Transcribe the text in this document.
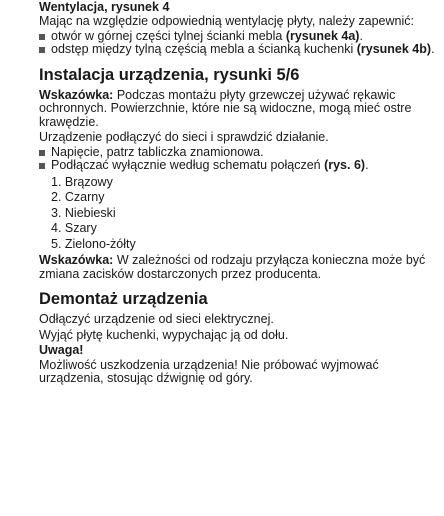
Wentylacja, rysunek 4

Mając na względzie odpowiednią wentylację płyty, należy zapewnić:

otwór w górnej części tylnej ścianki mebla (rysunek 4a).
odstęp między tylną częścią mebla a ścianką kuchenki (rysunek 4b).
Instalacja urządzenia, rysunki 5/6

Wskazówka: Podczas montażu płyty grzewczej używać rękawic ochronnych. Powierzchnie, które nie są widoczne, mogą mieć ostre krawędzie.

Urządzenie podłączyć do sieci i sprawdzić działanie.

Napięcie, patrz tabliczka znamionowa.
Podłączać wyłącznie według schematu połączeń (rys. 6).
1. Brązowy
2. Czarny
3. Niebieski
4. Szary
5. Zielono-żółty

Wskazówka: W zależności od rodzaju przyłącza konieczna może być zmiana zacisków dostarczonych przez producenta.

Demontaż urządzenia

Odłączyć urządzenie od sieci elektrycznej.

Wyjąć płytę kuchenki, wypychając ją od dołu.

Uwaga!

Możliwość uszkodzenia urządzenia! Nie próbować wyjmować urządzenia, stosując dźwignię od góry.
